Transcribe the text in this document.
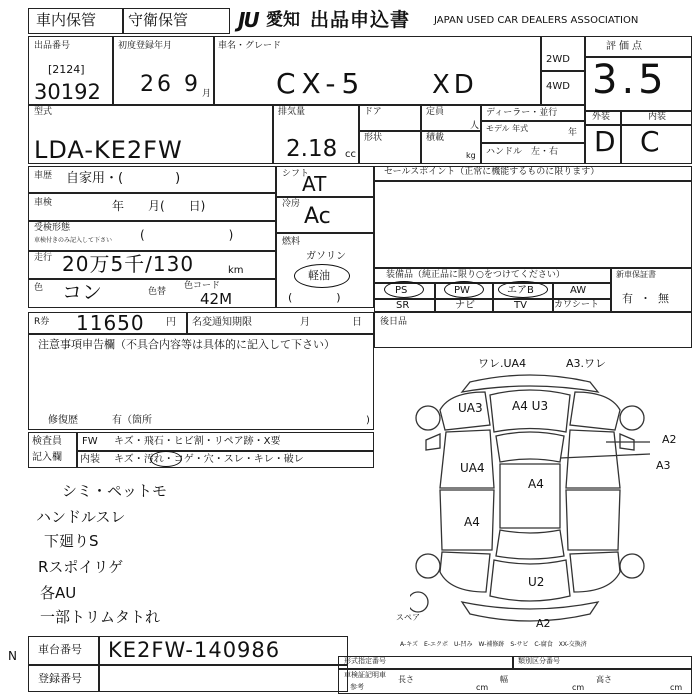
車内保管 守衛保管 JU 愛知 出品申込書 JAPAN USED CAR DEALERS ASSOCIATION
出品番号
[2124]
30192
初度登録年月
26 9 月
車名・グレード
CX-5	XD
2WD
4WD
評価点
3.5
外装	内装
D C
型式
LDA-KE2FW
排気量
2.18 cc
ドア	定員
人
形状	積載
kg
ディーラー・並行
モデル 年式	年
ハンドル　左・右
車歴 自家用・(　　　　)
車検	年　　月(　　日)
受検形態
車検付きのみ記入して下さい (　　　　　　　)
走行 20万5千/130	km
色 コン	色替
色コード
42M
シフト
AT
冷房 Ac
燃料
ガソリン
軽油
(　　　　)
セールスポイント（正常に機能するものに限ります）
装備品（純正品に限り○をつけてください）
PS	PW	エアB	AW
SR	ナビ	TV	カワシート
新車保証書
有 ・ 無
R券 11650 円 名変通知期限	月	日 後日品
注意事項申告欄（不具合内容等は具体的に記入して下さい）
修復歴	有（箇所	)
検査員
記入欄
FW キズ・飛石・ヒビ割・リペア跡・X要
内装 キズ・汚れ・コゲ・穴・スレ・キレ・破レ
シミ・ペットモ
ハンドルスレ
下廻りS
Rスポイリゲ
各AU
一部トリムタトれ
ワレ.UA4	A3.ワレ
UA3 A4 U3
A2
A3
UA4
A4
A4
U2
A2
スペア
A-キズ　E-エクボ　U-凹み　W-補修跡　S-サビ　C-腐食　XX-交換済
N 車台番号 KE2FW-140986
登録番号
形式指定番号	類別区分番号
車検証記明車
参考
長さ
cm
幅
cm
高さ
cm
